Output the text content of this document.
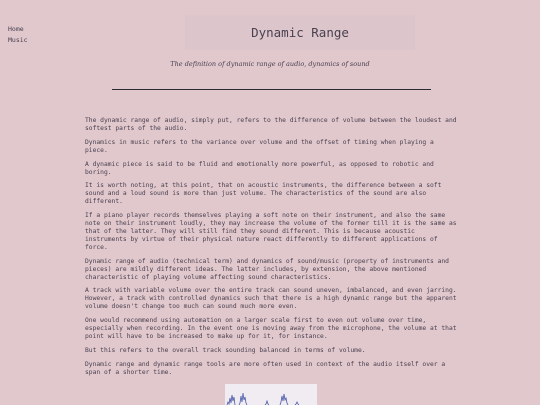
Home
Music	Dynamic Range
The definition of dynamic range of audio, dynamics of sound

The dynamic range of audio, simply put, refers to the difference of volume between the loudest and softest parts of the audio.

Dynamics in music refers to the variance over volume and the offset of timing when playing a piece.

A dynamic piece is said to be fluid and emotionally more powerful, as opposed to robotic and boring.

It is worth noting, at this point, that on acoustic instruments, the difference between a soft sound and a loud sound is more than just volume. The characteristics of the sound are also different.

If a piano player records themselves playing a soft note on their instrument, and also the same note on their instrument loudly, they may increase the volume of the former till it is the same as that of the latter. They will still find they sound different. This is because acoustic instruments by virtue of their physical nature react differently to different applications of force.

Dynamic range of audio (technical term) and dynamics of sound/music (property of instruments and pieces) are mildly different ideas. The latter includes, by extension, the above mentioned characteristic of playing volume affecting sound characteristics.

A track with variable volume over the entire track can sound uneven, imbalanced, and even jarring. However, a track with controlled dynamics such that there is a high dynamic range but the apparent volume doesn't change too much can sound much more even.

One would recommend using automation on a larger scale first to even out volume over time, especially when recording. In the event one is moving away from the microphone, the volume at that point will have to be increased to make up for it, for instance.

But this refers to the overall track sounding balanced in terms of volume.

Dynamic range and dynamic range tools are more often used in context of the audio itself over a span of a shorter time.
